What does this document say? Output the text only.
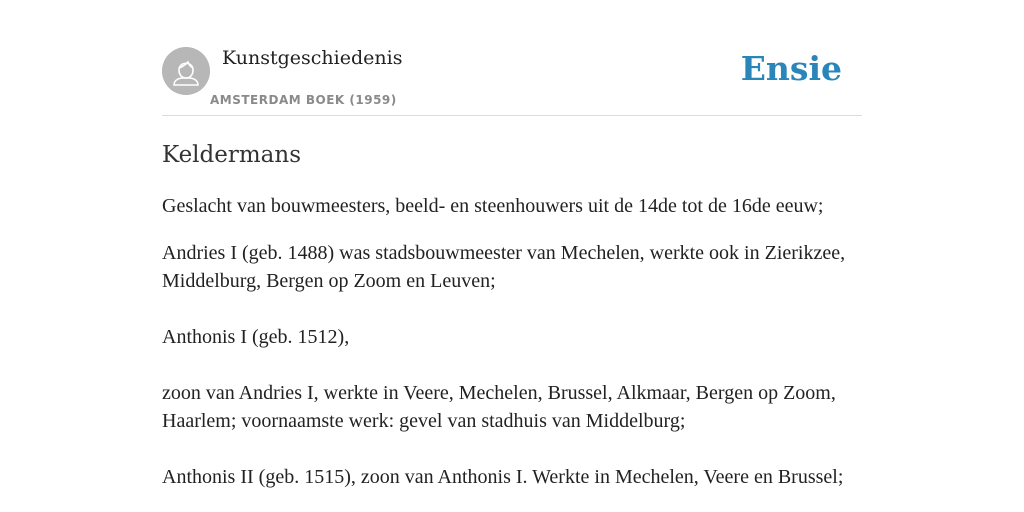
Kunstgeschiedenis
AMSTERDAM BOEK (1959)
Ensie
Keldermans

Geslacht van bouwmeesters, beeld- en steenhouwers uit de 14de tot de 16de eeuw;

Andries I (geb. 1488) was stadsbouwmeester van Mechelen, werkte ook in Zierikzee, Middelburg, Bergen op Zoom en Leuven;

Anthonis I (geb. 1512),

zoon van Andries I, werkte in Veere, Mechelen, Brussel, Alkmaar, Bergen op Zoom, Haarlem; voornaamste werk: gevel van stadhuis van Middelburg;

Anthonis II (geb. 1515), zoon van Anthonis I. Werkte in Mechelen, Veere en Brussel;
